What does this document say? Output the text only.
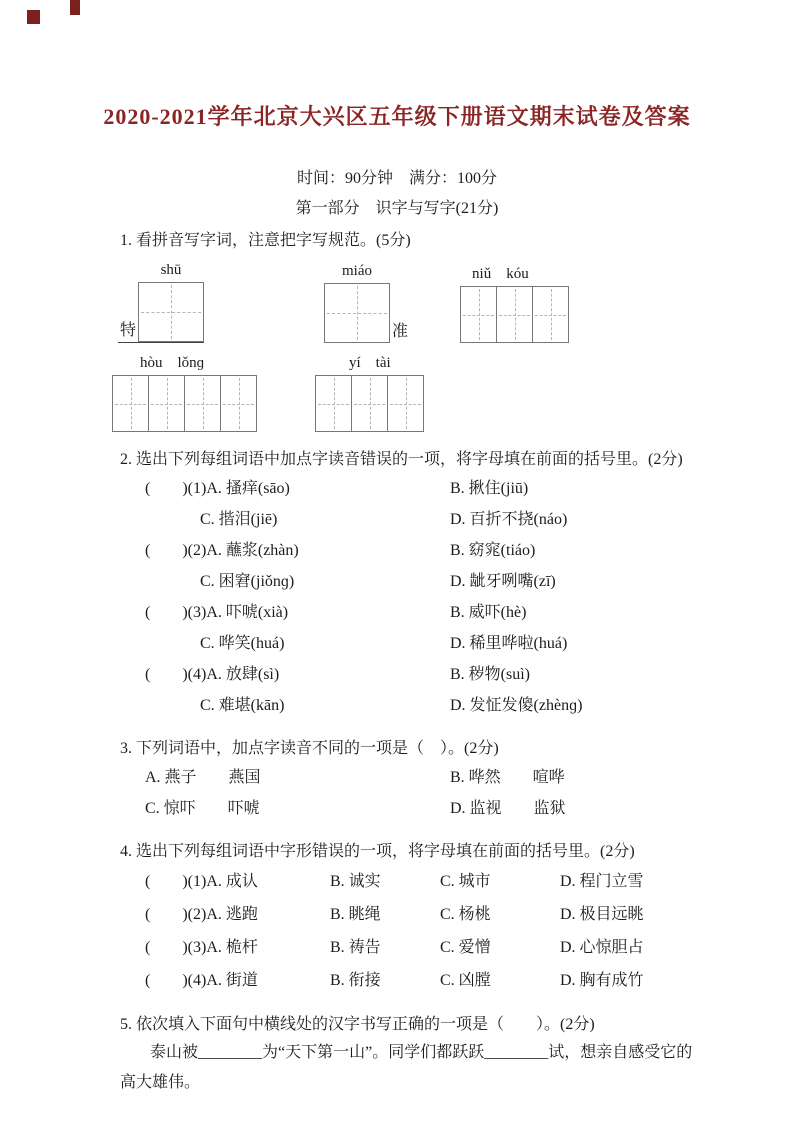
2020-2021学年北京大兴区五年级下册语文期末试卷及答案
时间：90分钟　满分：100分
第一部分　识字与写字(21分)
1. 看拼音写字词，注意把字写规范。(5分)
特
shū	miáo
准
niǔ    kóu
hòu    lǒnɡ	yí    tài
2. 选出下列每组词语中加点字读音错误的一项，将字母填在前面的括号里。(2分)
(　　)(1)A. 搔痒(sāo)	B. 揪住(jiū)
C. 揩泪(jiē)	D. 百折不挠(náo)
(　　)(2)A. 蘸浆(zhàn)	B. 窈窕(tiáo)
C. 困窘(jiǒnɡ)	D. 龇牙咧嘴(zī)
(　　)(3)A. 吓唬(xià)	B. 威吓(hè)
C. 哗笑(huá)	D. 稀里哗啦(huá)
(　　)(4)A. 放肆(sì)	B. 秽物(suì)
C. 难堪(kān)	D. 发怔发傻(zhènɡ)
3. 下列词语中，加点字读音不同的一项是（　）。(2分)
A. 燕子　　燕国	B. 哗然　　喧哗
C. 惊吓　　吓唬	D. 监视　　监狱
4. 选出下列每组词语中字形错误的一项，将字母填在前面的括号里。(2分)
(　　)(1)A. 成认	B. 诚实	C. 城市	D. 程门立雪
(　　)(2)A. 逃跑	B. 眺绳	C. 杨桃	D. 极目远眺
(　　)(3)A. 桅杆	B. 祷告	C. 爱憎	D. 心惊胆占
(　　)(4)A. 街道	B. 衔接	C. 凶膛	D. 胸有成竹
5. 依次填入下面句中横线处的汉字书写正确的一项是（　　）。(2分)
泰山被________为“天下第一山”。同学们都跃跃________试，想亲自感受它的
高大雄伟。
